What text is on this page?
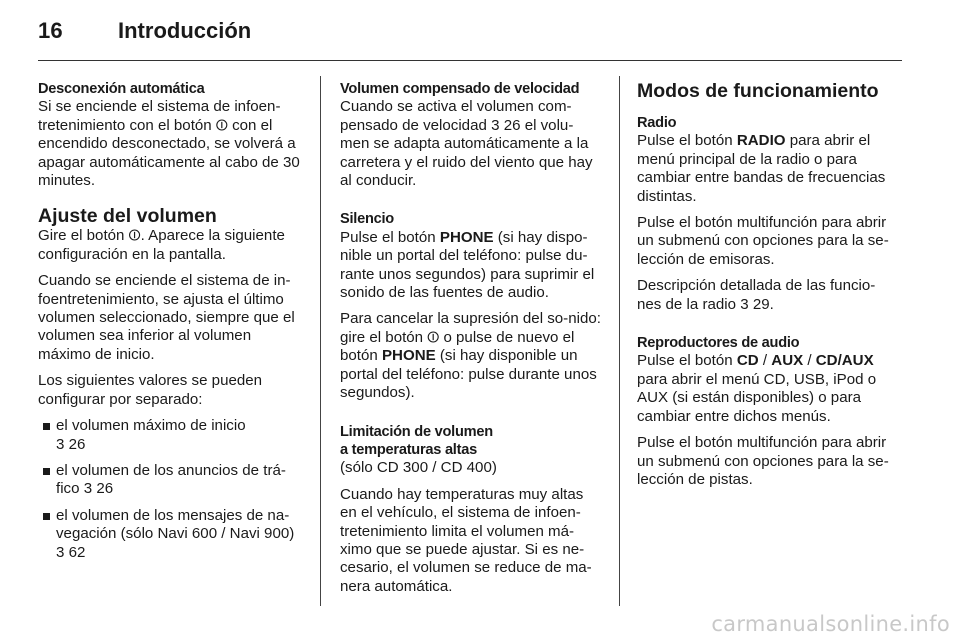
16	Introducción
Desconexión automática

Si se enciende el sistema de infoen-tretenimiento con el botón ⏼ con el encendido desconectado, se volverá a apagar automáticamente al cabo de 30 minutes.

Ajuste del volumen

Gire el botón ⏼. Aparece la siguiente configuración en la pantalla.

Cuando se enciende el sistema de in-foentretenimiento, se ajusta el último volumen seleccionado, siempre que el volumen sea inferior al volumen máximo de inicio.

Los siguientes valores se pueden configurar por separado:

el volumen máximo de inicio
3 26
el volumen de los anuncios de trá-fico 3 26
el volumen de los mensajes de na-vegación (sólo Navi 600 / Navi 900)
3 62
Volumen compensado de velocidad

Cuando se activa el volumen com-pensado de velocidad 3 26 el volu-men se adapta automáticamente a la carretera y el ruido del viento que hay al conducir.

Silencio

Pulse el botón PHONE (si hay dispo-nible un portal del teléfono: pulse du-rante unos segundos) para suprimir el sonido de las fuentes de audio.

Para cancelar la supresión del so-nido: gire el botón ⏼ o pulse de nuevo el botón PHONE (si hay disponible un portal del teléfono: pulse durante unos segundos).

Limitación de volumen
a temperaturas altas

(sólo CD 300 / CD 400)

Cuando hay temperaturas muy altas en el vehículo, el sistema de infoen-tretenimiento limita el volumen má-ximo que se puede ajustar. Si es ne-cesario, el volumen se reduce de ma-nera automática.

Modos de funcionamiento
Radio

Pulse el botón RADIO para abrir el menú principal de la radio o para cambiar entre bandas de frecuencias distintas.

Pulse el botón multifunción para abrir un submenú con opciones para la se-lección de emisoras.

Descripción detallada de las funcio-nes de la radio 3 29.

Reproductores de audio

Pulse el botón CD / AUX / CD/AUX para abrir el menú CD, USB, iPod o AUX (si están disponibles) o para cambiar entre dichos menús.

Pulse el botón multifunción para abrir un submenú con opciones para la se-lección de pistas.

carmanualsonline.info
